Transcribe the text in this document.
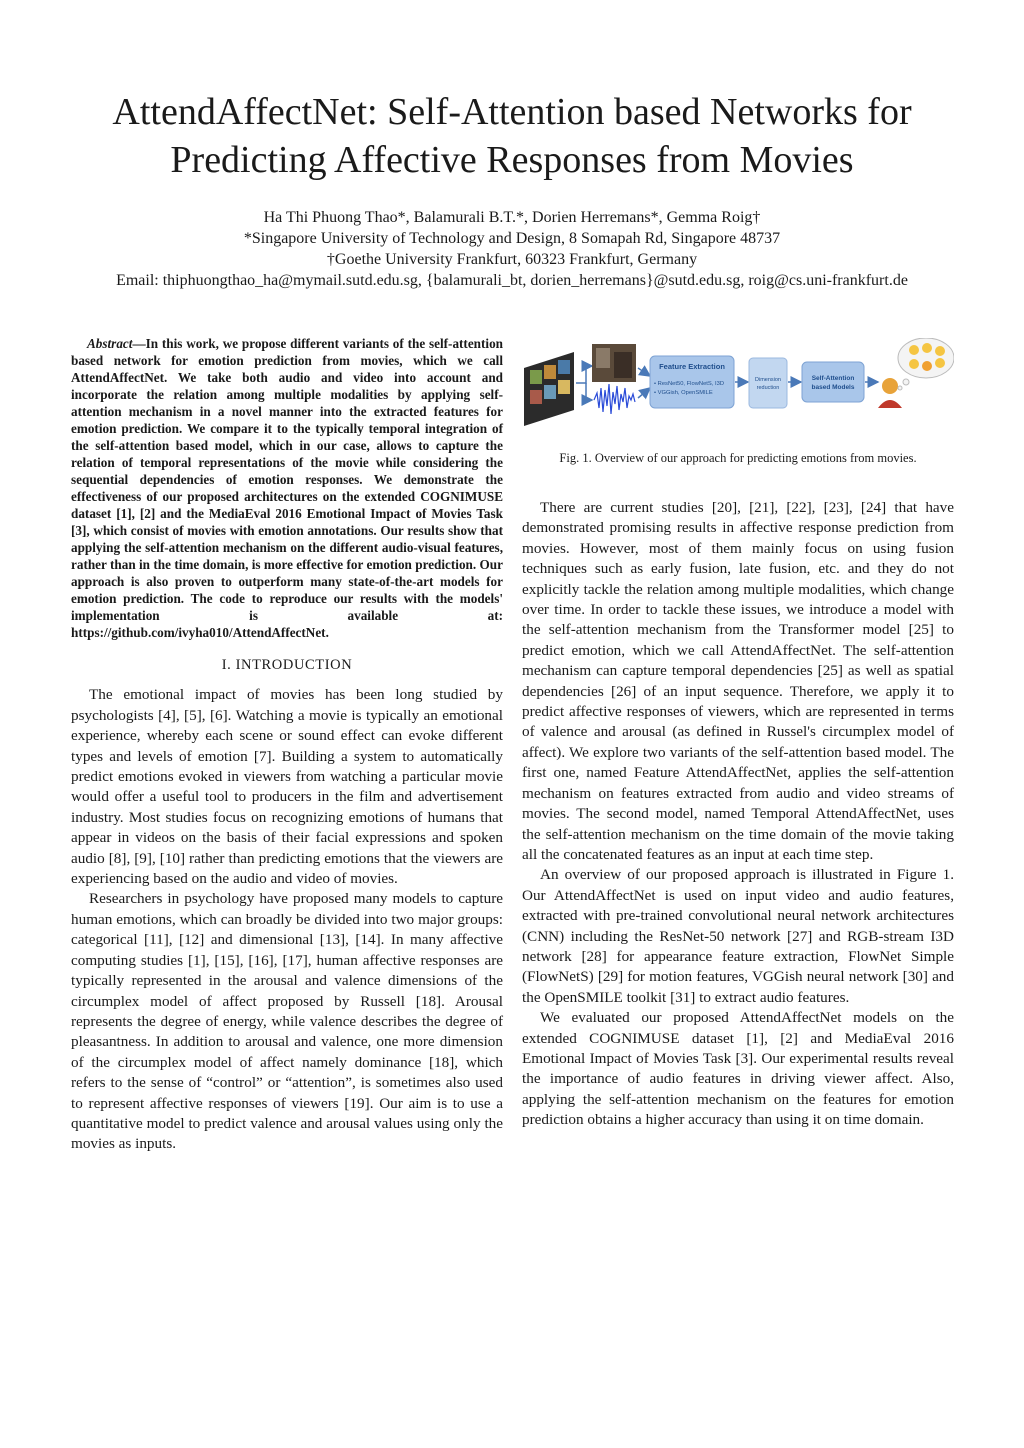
AttendAffectNet: Self-Attention based Networks for
Predicting Affective Responses from Movies
Ha Thi Phuong Thao*, Balamurali B.T.*, Dorien Herremans*, Gemma Roig†
*Singapore University of Technology and Design, 8 Somapah Rd, Singapore 48737
†Goethe University Frankfurt, 60323 Frankfurt, Germany
Email: thiphuongthao_ha@mymail.sutd.edu.sg, {balamurali_bt, dorien_herremans}@sutd.edu.sg, roig@cs.uni-frankfurt.de

Abstract—In this work, we propose different variants of the self-attention based network for emotion prediction from movies, which we call AttendAffectNet. We take both audio and video into account and incorporate the relation among multiple modalities by applying self-attention mechanism in a novel manner into the extracted features for emotion prediction. We compare it to the typically temporal integration of the self-attention based model, which in our case, allows to capture the relation of temporal representations of the movie while considering the sequential dependencies of emotion responses. We demonstrate the effectiveness of our proposed architectures on the extended COGNIMUSE dataset [1], [2] and the MediaEval 2016 Emotional Impact of Movies Task [3], which consist of movies with emotion annotations. Our results show that applying the self-attention mechanism on the different audio-visual features, rather than in the time domain, is more effective for emotion prediction. Our approach is also proven to outperform many state-of-the-art models for emotion prediction. The code to reproduce our results with the models' implementation is available at: https://github.com/ivyha010/AttendAffectNet.

I. INTRODUCTION

The emotional impact of movies has been long studied by psychologists [4], [5], [6]. Watching a movie is typically an emotional experience, whereby each scene or sound effect can evoke different types and levels of emotion [7]. Building a system to automatically predict emotions evoked in viewers from watching a particular movie would offer a useful tool to producers in the film and advertisement industry. Most studies focus on recognizing emotions of humans that appear in videos on the basis of their facial expressions and spoken audio [8], [9], [10] rather than predicting emotions that the viewers are experiencing based on the audio and video of movies.

Researchers in psychology have proposed many models to capture human emotions, which can broadly be divided into two major groups: categorical [11], [12] and dimensional [13], [14]. In many affective computing studies [1], [15], [16], [17], human affective responses are typically represented in the arousal and valence dimensions of the circumplex model of affect proposed by Russell [18]. Arousal represents the degree of energy, while valence describes the degree of pleasantness. In addition to arousal and valence, one more dimension of the circumplex model of affect namely dominance [18], which refers to the sense of “control” or “attention”, is sometimes also used to represent affective responses of viewers [19]. Our aim is to use a quantitative model to predict valence and arousal values using only the movies as inputs.

Feature Extraction
• ResNet50, FlowNetS, I3D
• VGGish, OpenSMILE
Dimension
reduction
Self-Attention
based Models
Fig. 1. Overview of our approach for predicting emotions from movies.

There are current studies [20], [21], [22], [23], [24] that have demonstrated promising results in affective response prediction from movies. However, most of them mainly focus on using fusion techniques such as early fusion, late fusion, etc. and they do not explicitly tackle the relation among multiple modalities, which change over time. In order to tackle these issues, we introduce a model with the self-attention mechanism from the Transformer model [25] to predict emotion, which we call AttendAffectNet. The self-attention mechanism can capture temporal dependencies [25] as well as spatial dependencies [26] of an input sequence. Therefore, we apply it to predict affective responses of viewers, which are represented in terms of valence and arousal (as defined in Russel's circumplex model of affect). We explore two variants of the self-attention based model. The first one, named Feature AttendAffectNet, applies the self-attention mechanism on features extracted from audio and video streams of movies. The second model, named Temporal AttendAffectNet, uses the self-attention mechanism on the time domain of the movie taking all the concatenated features as an input at each time step.

An overview of our proposed approach is illustrated in Figure 1. Our AttendAffectNet is used on input video and audio features, extracted with pre-trained convolutional neural network architectures (CNN) including the ResNet-50 network [27] and RGB-stream I3D network [28] for appearance feature extraction, FlowNet Simple (FlowNetS) [29] for motion features, VGGish neural network [30] and the OpenSMILE toolkit [31] to extract audio features.

We evaluated our proposed AttendAffectNet models on the extended COGNIMUSE dataset [1], [2] and MediaEval 2016 Emotional Impact of Movies Task [3]. Our experimental results reveal the importance of audio features in driving viewer affect. Also, applying the self-attention mechanism on the features for emotion prediction obtains a higher accuracy than using it on time domain.
